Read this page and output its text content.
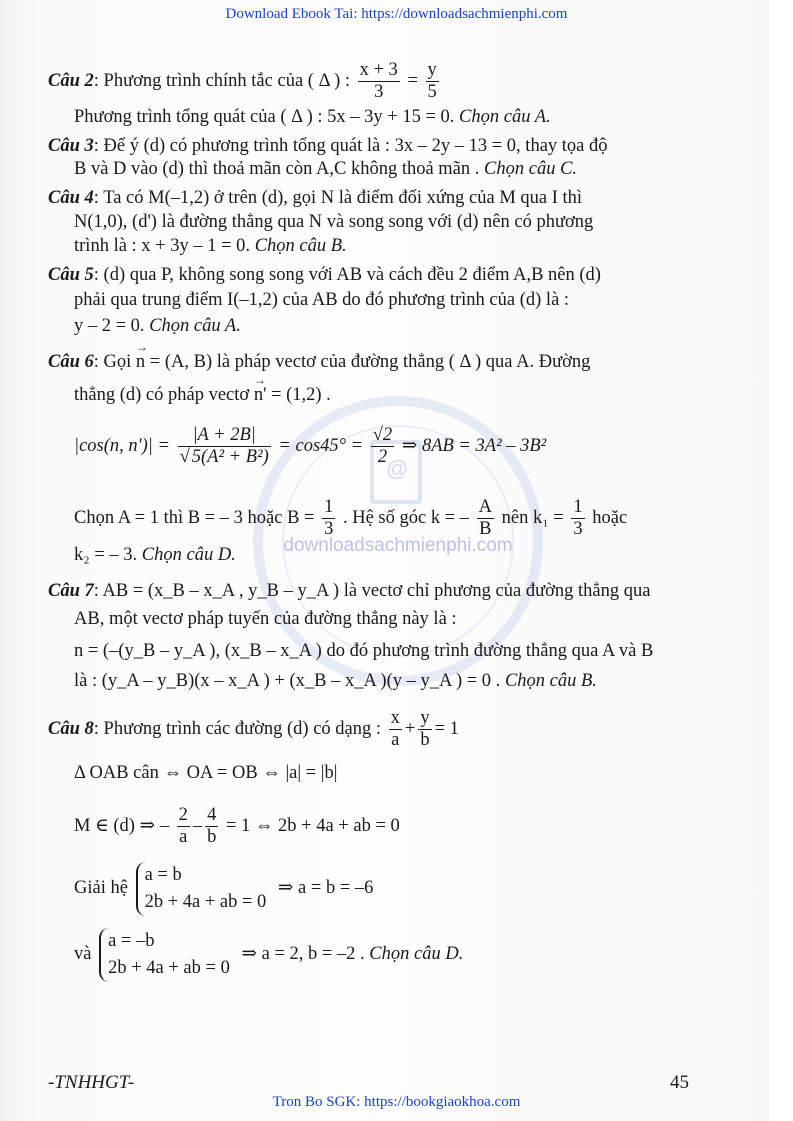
Download Ebook Tai: https://downloadsachmienphi.com
@
downloadsachmienphi.com
Câu 2: Phương trình chính tắc của ( Δ ) : $\frac{x + 3}{3} = \frac{y}{5}$
Phương trình tổng quát của ( Δ ) : 5x – 3y + 15 = 0. Chọn câu A.
Câu 3: Để ý (d) có phương trình tổng quát là : 3x – 2y – 13 = 0, thay tọa độ
B và D vào (d) thì thoả mãn còn A,C không thoả mãn . Chọn câu C.
Câu 4: Ta có M(–1,2) ở trên (d), gọi N là điểm đối xứng của M qua I thì
N(1,0), (d') là đường thẳng qua N và song song với (d) nên có phương
trình là : x + 3y – 1 = 0. Chọn câu B.
Câu 5: (d) qua P, không song song với AB và cách đều 2 điểm A,B nên (d)
phải qua trung điểm I(–1,2) của AB do đó phương trình của (d) là :
y – 2 = 0. Chọn câu A.
Câu 6: Gọi → n = (A, B) là pháp vectơ của đường thẳng ( Δ ) qua A. Đường
thẳng (d) có pháp vectơ → n' = (1,2) .
|cos(n, $n')| = \frac{|A + 2B|}{\text{√ 5(A² + B²)}} = \cos 45^\circ = \frac{√2}{2}$ ⇒ 8AB = 3A² – 3B²
Chọn A = 1 thì B = – 3 hoặc $B = \frac{1}{3}$ . Hệ số góc k = – $\frac{A}{B}$ nên $k_1 = \frac{1}{3}$ hoặc
k₂ = – 3. Chọn câu D.
Câu 7: AB = (x_B – x_A , y_B – y_A ) là vectơ chỉ phương của đường thẳng qua
AB, một vectơ pháp tuyến của đường thẳng này là :
n = (–(y_B – y_A ), (x_B – x_A ) do đó phương trình đường thẳng qua A và B
là : (y_A – y_B)(x – x_A ) + (x_B – x_A )(y – y_A ) = 0 . Chọn câu B.
Câu 8: Phương trình các đường (d) có dạng : $\frac{x}{a} + \frac{y}{b} = 1$
Δ OAB cân ⇔ OA = OB ⇔ |a| = |b|
M ∈ (d) ⇒ – $\frac{2}{a} - \frac{4}{b} = 1$ ⇔ 2b + 4a + ab = 0
Giải hệ
a = b
2b + 4a + ab = 0
⇒ a = b = –6
và
a = –b
2b + 4a + ab = 0
⇒ a = 2, b = –2 . Chọn câu D.
-TNHHGT-	45
Tron Bo SGK: https://bookgiaokhoa.com
